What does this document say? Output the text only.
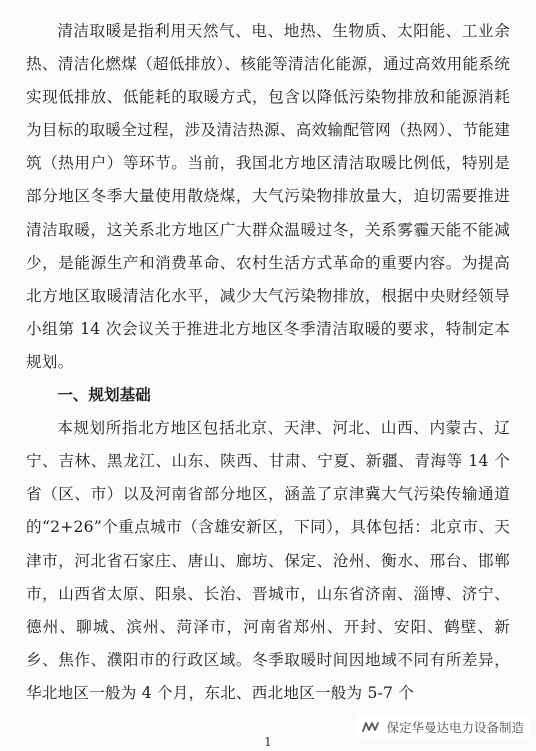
清洁取暖是指利用天然气、电、地热、生物质、太阳能、工业余热、清洁化燃煤（超低排放）、核能等清洁化能源，通过高效用能系统实现低排放、低能耗的取暖方式，包含以降低污染物排放和能源消耗为目标的取暖全过程，涉及清洁热源、高效输配管网（热网）、节能建筑（热用户）等环节。当前，我国北方地区清洁取暖比例低，特别是部分地区冬季大量使用散烧煤，大气污染物排放量大，迫切需要推进清洁取暖，这关系北方地区广大群众温暖过冬，关系雾霾天能不能减少，是能源生产和消费革命、农村生活方式革命的重要内容。为提高北方地区取暖清洁化水平，减少大气污染物排放，根据中央财经领导小组第 14 次会议关于推进北方地区冬季清洁取暖的要求，特制定本规划。

一、规划基础

本规划所指北方地区包括北京、天津、河北、山西、内蒙古、辽宁、吉林、黑龙江、山东、陕西、甘肃、宁夏、新疆、青海等 14 个省（区、市）以及河南省部分地区，涵盖了京津冀大气污染传输通道的“2+26”个重点城市（含雄安新区，下同），具体包括：北京市、天津市，河北省石家庄、唐山、廊坊、保定、沧州、衡水、邢台、邯郸市，山西省太原、阳泉、长治、晋城市，山东省济南、淄博、济宁、德州、聊城、滨州、菏泽市，河南省郑州、开封、安阳、鹤壁、新乡、焦作、濮阳市的行政区域。冬季取暖时间因地域不同有所差异，华北地区一般为 4 个月，东北、西北地区一般为 5-7 个

1
保定华曼达电力设备制造
